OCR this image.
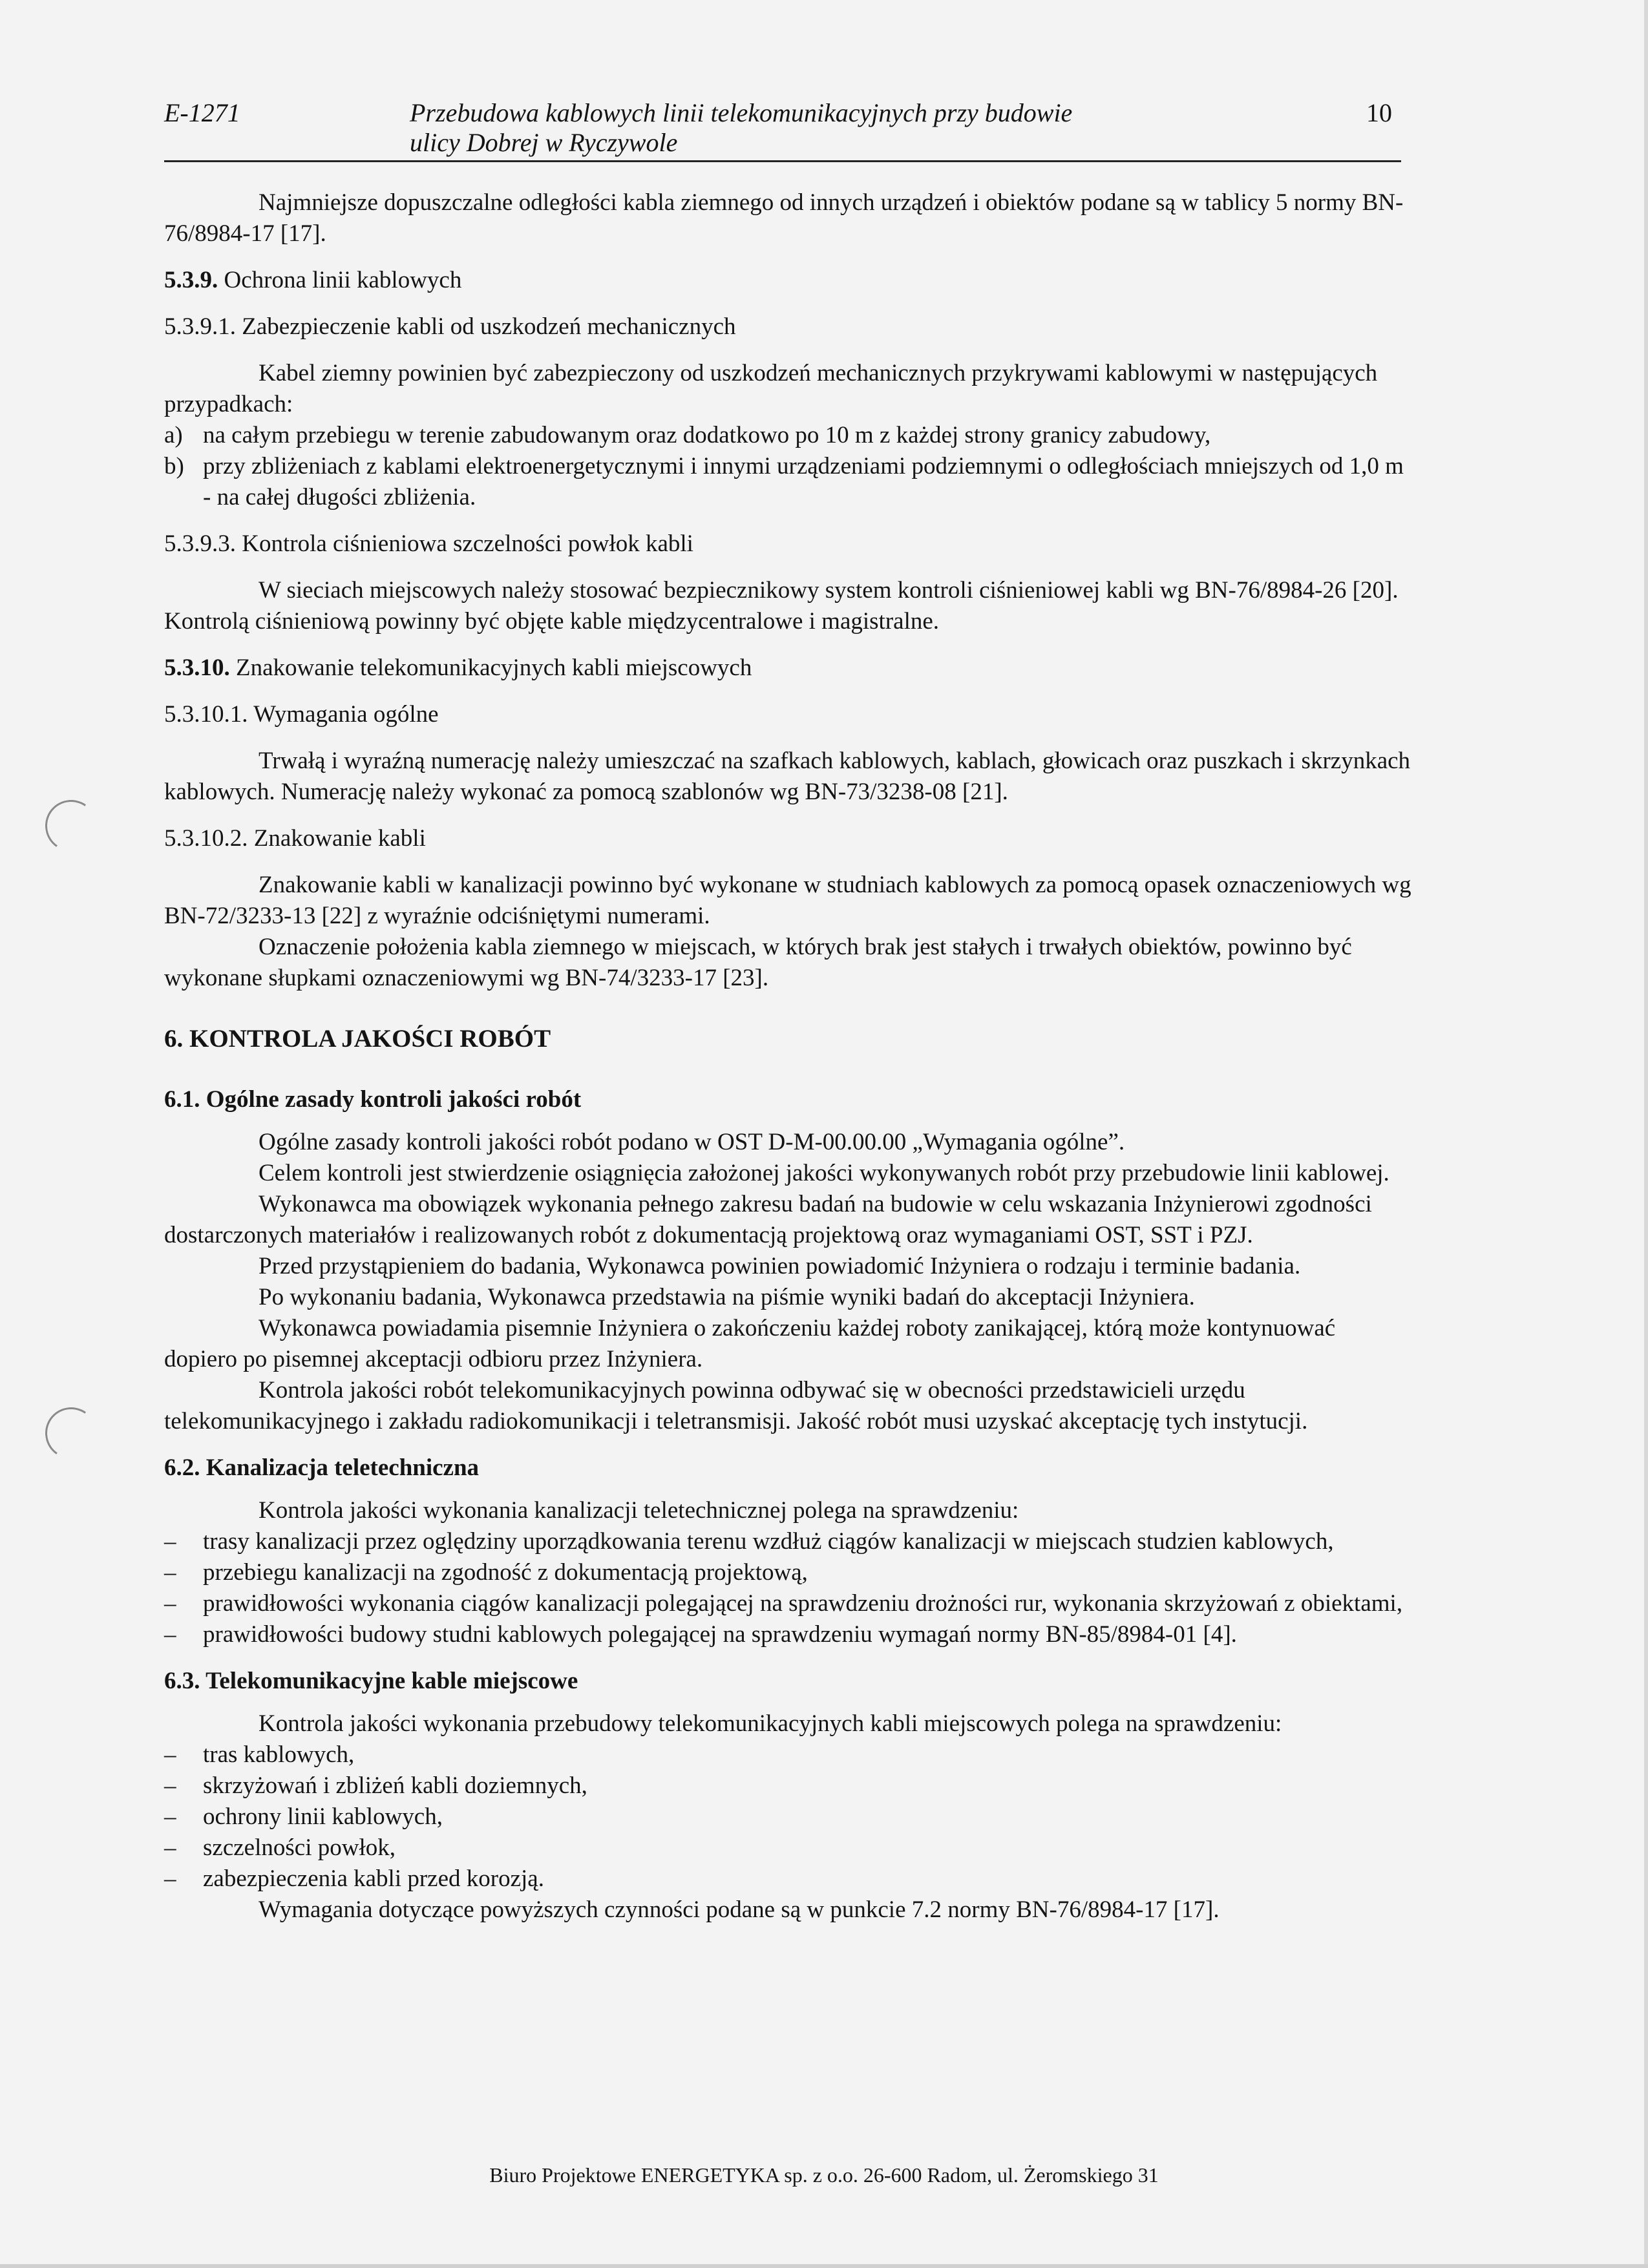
E-1271	Przebudowa kablowych linii telekomunikacyjnych przy budowie
ulicy Dobrej w Ryczywole
10

Najmniejsze dopuszczalne odległości kabla ziemnego od innych urządzeń i obiektów podane są w tablicy 5 normy BN-76/8984-17 [17].

5.3.9. Ochrona linii kablowych

5.3.9.1. Zabezpieczenie kabli od uszkodzeń mechanicznych

Kabel ziemny powinien być zabezpieczony od uszkodzeń mechanicznych przykrywami kablowymi w następujących przypadkach:

a) na całym przebiegu w terenie zabudowanym oraz dodatkowo po 10 m z każdej strony granicy zabudowy,
b) przy zbliżeniach z kablami elektroenergetycznymi i innymi urządzeniami podziemnymi o odległościach mniejszych od 1,0 m - na całej długości zbliżenia.

5.3.9.3. Kontrola ciśnieniowa szczelności powłok kabli

W sieciach miejscowych należy stosować bezpiecznikowy system kontroli ciśnieniowej kabli wg BN-76/8984-26 [20]. Kontrolą ciśnieniową powinny być objęte kable międzycentralowe i magistralne.

5.3.10. Znakowanie telekomunikacyjnych kabli miejscowych

5.3.10.1. Wymagania ogólne

Trwałą i wyraźną numerację należy umieszczać na szafkach kablowych, kablach, głowicach oraz puszkach i skrzynkach kablowych. Numerację należy wykonać za pomocą szablonów wg BN-73/3238-08 [21].

5.3.10.2. Znakowanie kabli

Znakowanie kabli w kanalizacji powinno być wykonane w studniach kablowych za pomocą opasek oznaczeniowych wg BN-72/3233-13 [22] z wyraźnie odciśniętymi numerami.

Oznaczenie położenia kabla ziemnego w miejscach, w których brak jest stałych i trwałych obiektów, powinno być wykonane słupkami oznaczeniowymi wg BN-74/3233-17 [23].

6. KONTROLA JAKOŚCI ROBÓT

6.1. Ogólne zasady kontroli jakości robót

Ogólne zasady kontroli jakości robót podano w OST D-M-00.00.00 „Wymagania ogólne”.

Celem kontroli jest stwierdzenie osiągnięcia założonej jakości wykonywanych robót przy przebudowie linii kablowej.

Wykonawca ma obowiązek wykonania pełnego zakresu badań na budowie w celu wskazania Inżynierowi zgodności dostarczonych materiałów i realizowanych robót z dokumentacją projektową oraz wymaganiami OST, SST i PZJ.

Przed przystąpieniem do badania, Wykonawca powinien powiadomić Inżyniera o rodzaju i terminie badania.

Po wykonaniu badania, Wykonawca przedstawia na piśmie wyniki badań do akceptacji Inżyniera.

Wykonawca powiadamia pisemnie Inżyniera o zakończeniu każdej roboty zanikającej, którą może kontynuować dopiero po pisemnej akceptacji odbioru przez Inżyniera.

Kontrola jakości robót telekomunikacyjnych powinna odbywać się w obecności przedstawicieli urzędu telekomunikacyjnego i zakładu radiokomunikacji i teletransmisji. Jakość robót musi uzyskać akceptację tych instytucji.

6.2. Kanalizacja teletechniczna

Kontrola jakości wykonania kanalizacji teletechnicznej polega na sprawdzeniu:

– trasy kanalizacji przez oględziny uporządkowania terenu wzdłuż ciągów kanalizacji w miejscach studzien kablowych,
– przebiegu kanalizacji na zgodność z dokumentacją projektową,
– prawidłowości wykonania ciągów kanalizacji polegającej na sprawdzeniu drożności rur, wykonania skrzyżowań z obiektami,
– prawidłowości budowy studni kablowych polegającej na sprawdzeniu wymagań normy BN-85/8984-01 [4].

6.3. Telekomunikacyjne kable miejscowe

Kontrola jakości wykonania przebudowy telekomunikacyjnych kabli miejscowych polega na sprawdzeniu:

– tras kablowych,
– skrzyżowań i zbliżeń kabli doziemnych,
– ochrony linii kablowych,
– szczelności powłok,
– zabezpieczenia kabli przed korozją.

Wymagania dotyczące powyższych czynności podane są w punkcie 7.2 normy BN-76/8984-17 [17].

Biuro Projektowe ENERGETYKA sp. z o.o. 26-600 Radom, ul. Żeromskiego 31
